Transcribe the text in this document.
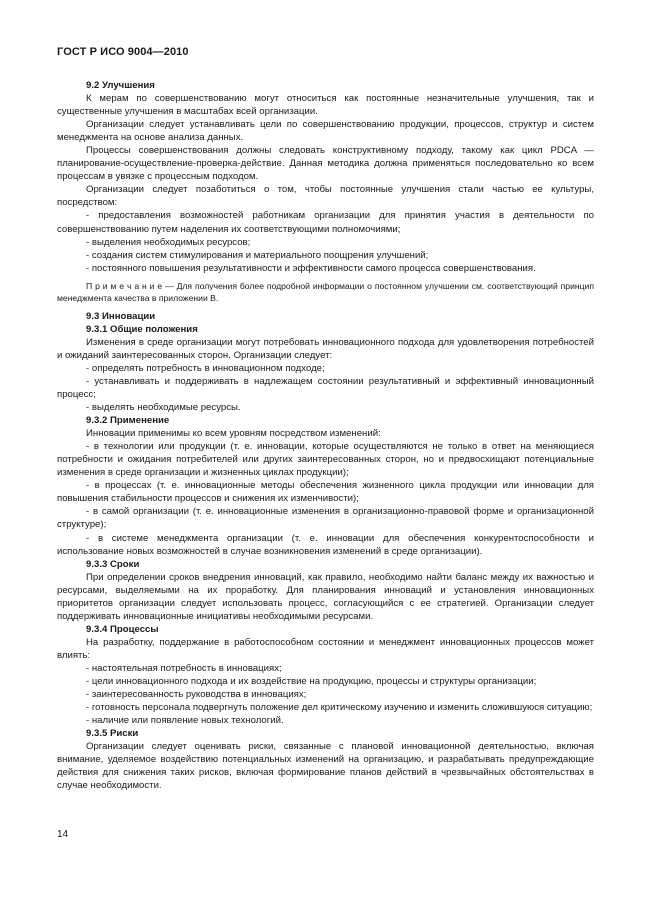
ГОСТ Р ИСО 9004—2010

9.2 Улучшения

К мерам по совершенствованию могут относиться как постоянные незначительные улучшения, так и существенные улучшения в масштабах всей организации.

Организации следует устанавливать цели по совершенствованию продукции, процессов, структур и систем менеджмента на основе анализа данных.

Процессы совершенствования должны следовать конструктивному подходу, такому как цикл PDCA — планирование-осуществление-проверка-действие. Данная методика должна применяться последовательно ко всем процессам в увязке с процессным подходом.

Организации следует позаботиться о том, чтобы постоянные улучшения стали частью ее культуры, посредством:

- предоставления возможностей работникам организации для принятия участия в деятельности по совершенствованию путем наделения их соответствующими полномочиями;

- выделения необходимых ресурсов;

- создания систем стимулирования и материального поощрения улучшений;

- постоянного повышения результативности и эффективности самого процесса совершенствования.

П р и м е ч а н и е — Для получения более подробной информации о постоянном улучшении см. соответствующий принцип менеджмента качества в приложении В.

9.3 Инновации

9.3.1 Общие положения

Изменения в среде организации могут потребовать инновационного подхода для удовлетворения потребностей и ожиданий заинтересованных сторон. Организации следует:

- определять потребность в инновационном подходе;

- устанавливать и поддерживать в надлежащем состоянии результативный и эффективный инновационный процесс;

- выделять необходимые ресурсы.

9.3.2 Применение

Инновации применимы ко всем уровням посредством изменений:

- в технологии или продукции (т. е. инновации, которые осуществляются не только в ответ на меняющиеся потребности и ожидания потребителей или других заинтересованных сторон, но и предвосхищают потенциальные изменения в среде организации и жизненных циклах продукции);

- в процессах (т. е. инновационные методы обеспечения жизненного цикла продукции или инновации для повышения стабильности процессов и снижения их изменчивости);

- в самой организации (т. е. инновационные изменения в организационно-правовой форме и организационной структуре);

- в системе менеджмента организации (т. е. инновации для обеспечения конкурентоспособности и использование новых возможностей в случае возникновения изменений в среде организации).

9.3.3 Сроки

При определении сроков внедрения инноваций, как правило, необходимо найти баланс между их важностью и ресурсами, выделяемыми на их проработку. Для планирования инноваций и установления инновационных приоритетов организации следует использовать процесс, согласующийся с ее стратегией. Организации следует поддерживать инновационные инициативы необходимыми ресурсами.

9.3.4 Процессы

На разработку, поддержание в работоспособном состоянии и менеджмент инновационных процессов может влиять:

- настоятельная потребность в инновациях;

- цели инновационного подхода и их воздействие на продукцию, процессы и структуры организации;

- заинтересованность руководства в инновациях;

- готовность персонала подвергнуть положение дел критическому изучению и изменить сложившуюся ситуацию;

- наличие или появление новых технологий.

9.3.5 Риски

Организации следует оценивать риски, связанные с плановой инновационной деятельностью, включая внимание, уделяемое воздействию потенциальных изменений на организацию, и разрабатывать предупреждающие действия для снижения таких рисков, включая формирование планов действий в чрезвычайных обстоятельствах в случае необходимости.

14
